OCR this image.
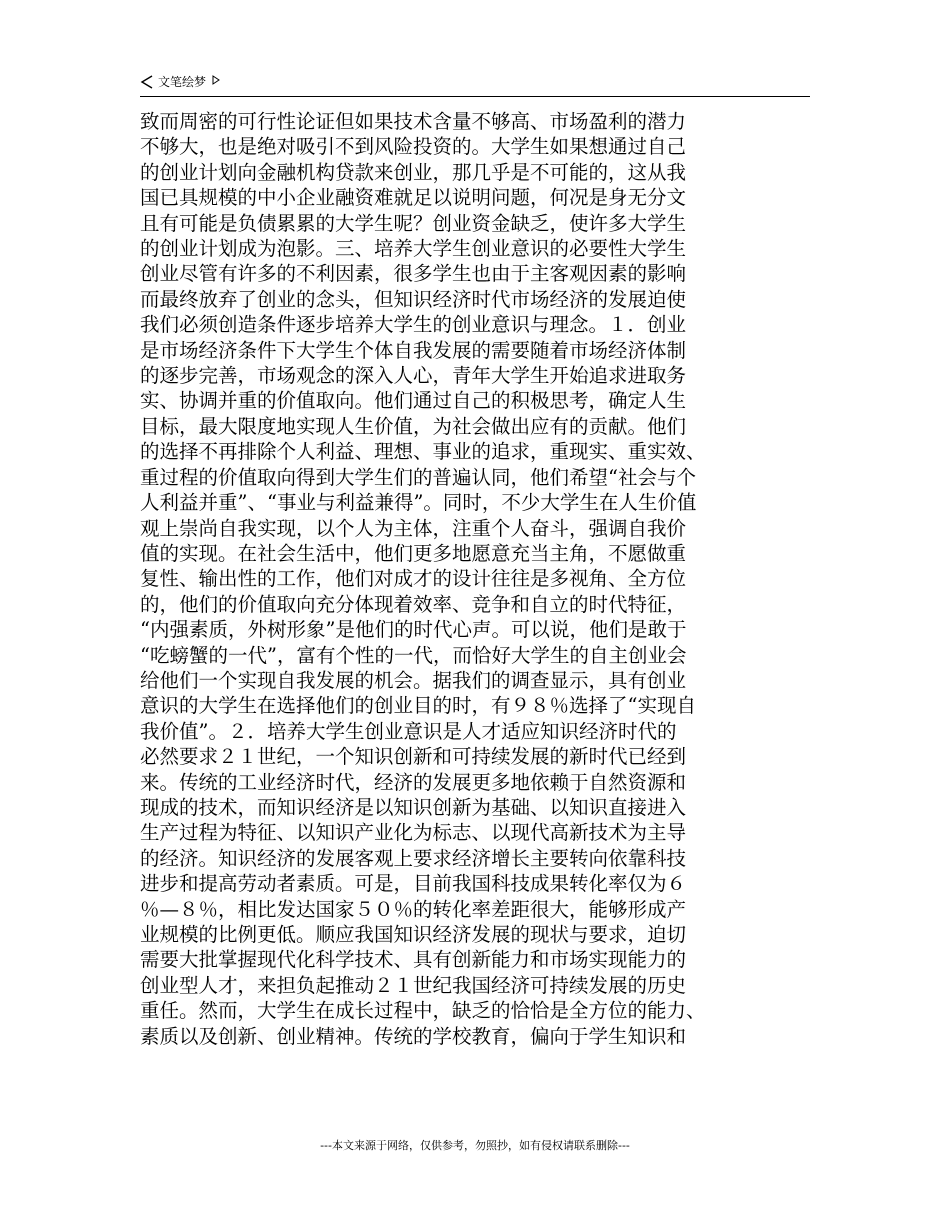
文笔绘梦
致而周密的可行性论证但如果技术含量不够高、市场盈利的潜力
不够大，也是绝对吸引不到风险投资的。大学生如果想通过自己
的创业计划向金融机构贷款来创业，那几乎是不可能的，这从我
国已具规模的中小企业融资难就足以说明问题，何况是身无分文
且有可能是负债累累的大学生呢？创业资金缺乏，使许多大学生
的创业计划成为泡影。三、培养大学生创业意识的必要性大学生
创业尽管有许多的不利因素，很多学生也由于主客观因素的影响
而最终放弃了创业的念头，但知识经济时代市场经济的发展迫使
我们必须创造条件逐步培养大学生的创业意识与理念。１．创业
是市场经济条件下大学生个体自我发展的需要随着市场经济体制
的逐步完善，市场观念的深入人心，青年大学生开始追求进取务
实、协调并重的价值取向。他们通过自己的积极思考，确定人生
目标，最大限度地实现人生价值，为社会做出应有的贡献。他们
的选择不再排除个人利益、理想、事业的追求，重现实、重实效、
重过程的价值取向得到大学生们的普遍认同，他们希望“社会与个
人利益并重”、“事业与利益兼得”。同时，不少大学生在人生价值
观上崇尚自我实现，以个人为主体，注重个人奋斗，强调自我价
值的实现。在社会生活中，他们更多地愿意充当主角，不愿做重
复性、输出性的工作，他们对成才的设计往往是多视角、全方位
的，他们的价值取向充分体现着效率、竞争和自立的时代特征，
“内强素质，外树形象”是他们的时代心声。可以说，他们是敢于
“吃螃蟹的一代”，富有个性的一代，而恰好大学生的自主创业会
给他们一个实现自我发展的机会。据我们的调查显示，具有创业
意识的大学生在选择他们的创业目的时，有９８％选择了“实现自
我价值”。２．培养大学生创业意识是人才适应知识经济时代的
必然要求２１世纪，一个知识创新和可持续发展的新时代已经到
来。传统的工业经济时代，经济的发展更多地依赖于自然资源和
现成的技术，而知识经济是以知识创新为基础、以知识直接进入
生产过程为特征、以知识产业化为标志、以现代高新技术为主导
的经济。知识经济的发展客观上要求经济增长主要转向依靠科技
进步和提高劳动者素质。可是，目前我国科技成果转化率仅为６
％—８％，相比发达国家５０％的转化率差距很大，能够形成产
业规模的比例更低。顺应我国知识经济发展的现状与要求，迫切
需要大批掌握现代化科学技术、具有创新能力和市场实现能力的
创业型人才，来担负起推动２１世纪我国经济可持续发展的历史
重任。然而，大学生在成长过程中，缺乏的恰恰是全方位的能力、
素质以及创新、创业精神。传统的学校教育，偏向于学生知识和
---本文来源于网络，仅供参考，勿照抄，如有侵权请联系删除---
